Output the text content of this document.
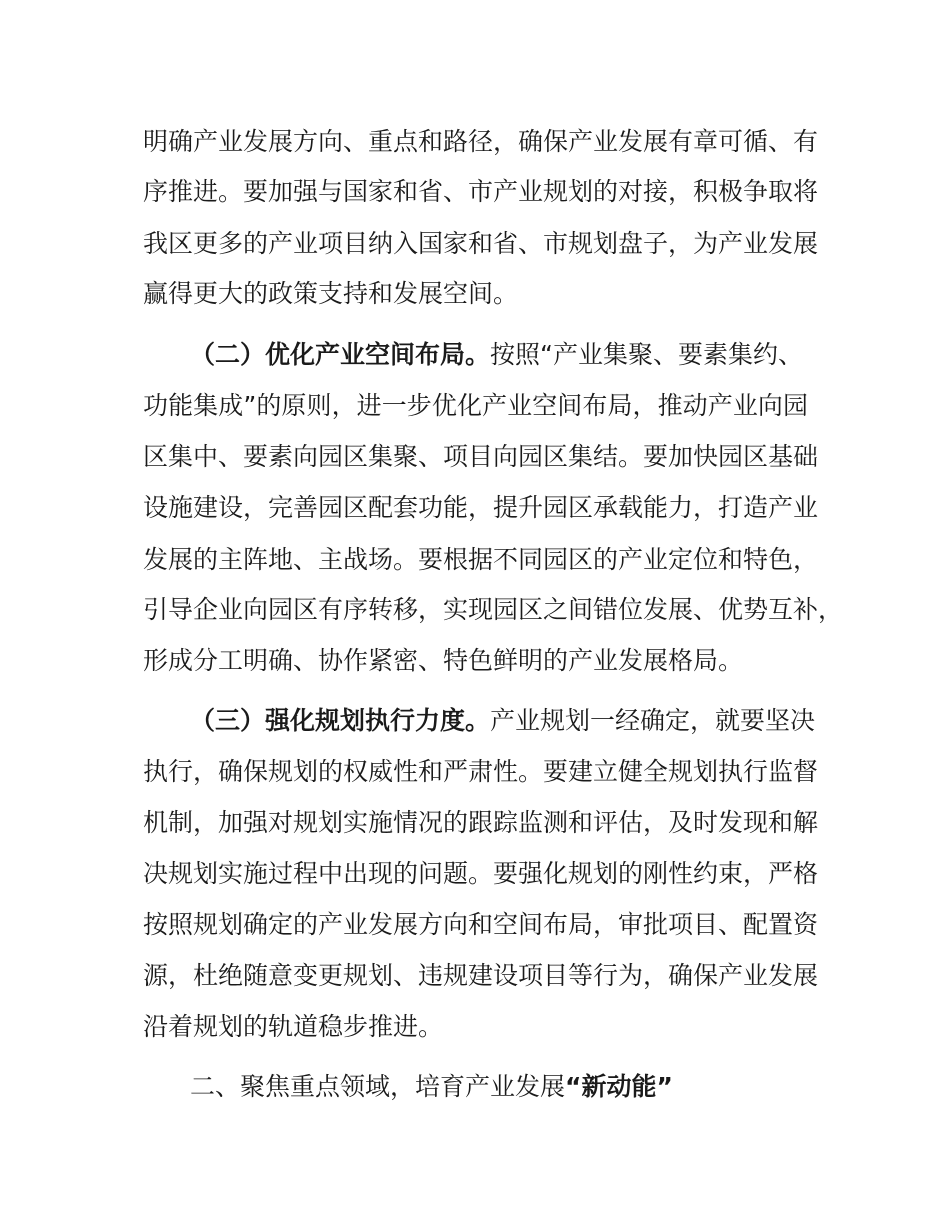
明确产业发展方向、重点和路径，确保产业发展有章可循、有
序推进。要加强与国家和省、市产业规划的对接，积极争取将
我区更多的产业项目纳入国家和省、市规划盘子，为产业发展
赢得更大的政策支持和发展空间。
（二）优化产业空间布局。按照“产业集聚、要素集约、
功能集成”的原则，进一步优化产业空间布局，推动产业向园
区集中、要素向园区集聚、项目向园区集结。要加快园区基础
设施建设，完善园区配套功能，提升园区承载能力，打造产业
发展的主阵地、主战场。要根据不同园区的产业定位和特色，
引导企业向园区有序转移，实现园区之间错位发展、优势互补，
形成分工明确、协作紧密、特色鲜明的产业发展格局。
（三）强化规划执行力度。产业规划一经确定，就要坚决
执行，确保规划的权威性和严肃性。要建立健全规划执行监督
机制，加强对规划实施情况的跟踪监测和评估，及时发现和解
决规划实施过程中出现的问题。要强化规划的刚性约束，严格
按照规划确定的产业发展方向和空间布局，审批项目、配置资
源，杜绝随意变更规划、违规建设项目等行为，确保产业发展
沿着规划的轨道稳步推进。
二、聚焦重点领域，培育产业发展“新动能”
